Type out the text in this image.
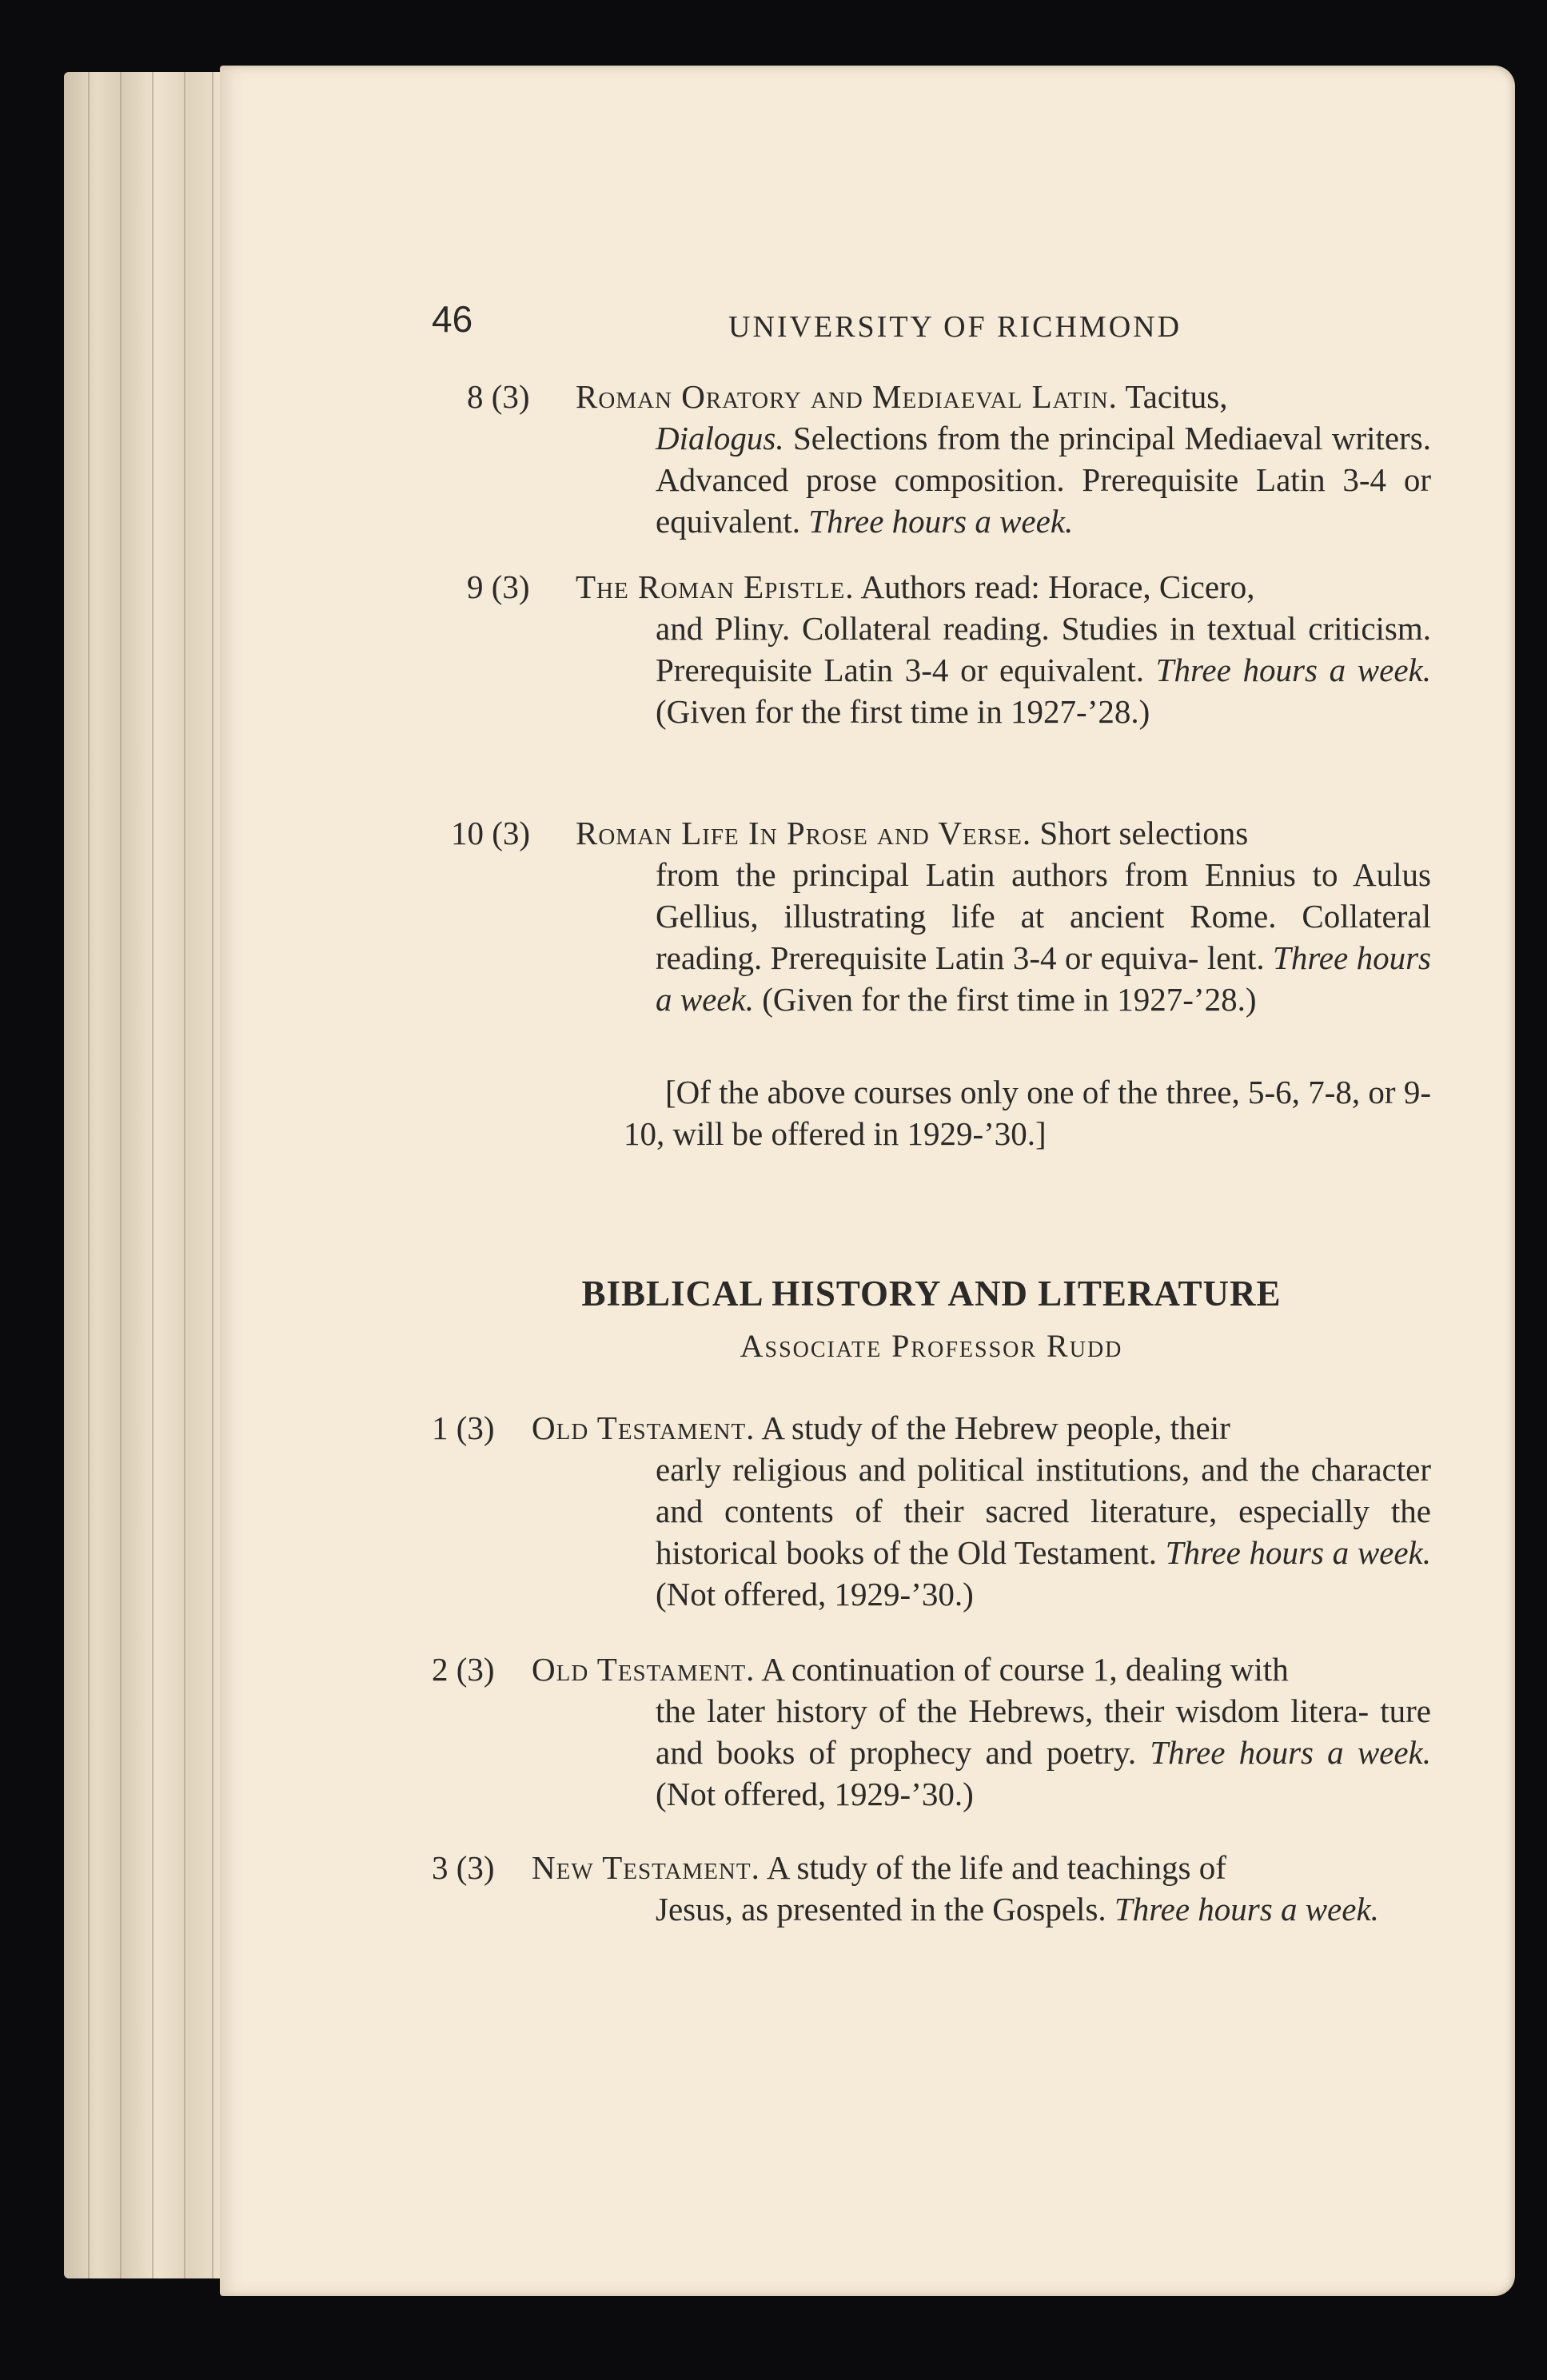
46	UNIVERSITY OF RICHMOND
8 (3) Roman Oratory and Mediaeval Latin. Tacitus,

Dialogus. Selections from the principal Mediaeval writers. Advanced prose composition. Prerequisite Latin 3-4 or equivalent. Three hours a week.
9 (3) The Roman Epistle. Authors read: Horace, Cicero,

and Pliny. Collateral reading. Studies in textual criticism. Prerequisite Latin 3-4 or equivalent. Three hours a week. (Given for the first time in 1927-’28.)
10 (3) Roman Life In Prose and Verse. Short selections

from the principal Latin authors from Ennius to Aulus Gellius, illustrating life at ancient Rome. Collateral reading. Prerequisite Latin 3-4 or equiva- lent. Three hours a week. (Given for the first time in 1927-’28.)
[Of the above courses only one of the three, 5-6, 7-8, or 9-10, will be offered in 1929-’30.]
BIBLICAL HISTORY AND LITERATURE
Associate Professor Rudd
1 (3) Old Testament. A study of the Hebrew people, their

early religious and political institutions, and the character and contents of their sacred literature, especially the historical books of the Old Testament. Three hours a week. (Not offered, 1929-’30.)
2 (3) Old Testament. A continuation of course 1, dealing with

the later history of the Hebrews, their wisdom litera- ture and books of prophecy and poetry. Three hours a week. (Not offered, 1929-’30.)
3 (3) New Testament. A study of the life and teachings of

Jesus, as presented in the Gospels. Three hours a week.
